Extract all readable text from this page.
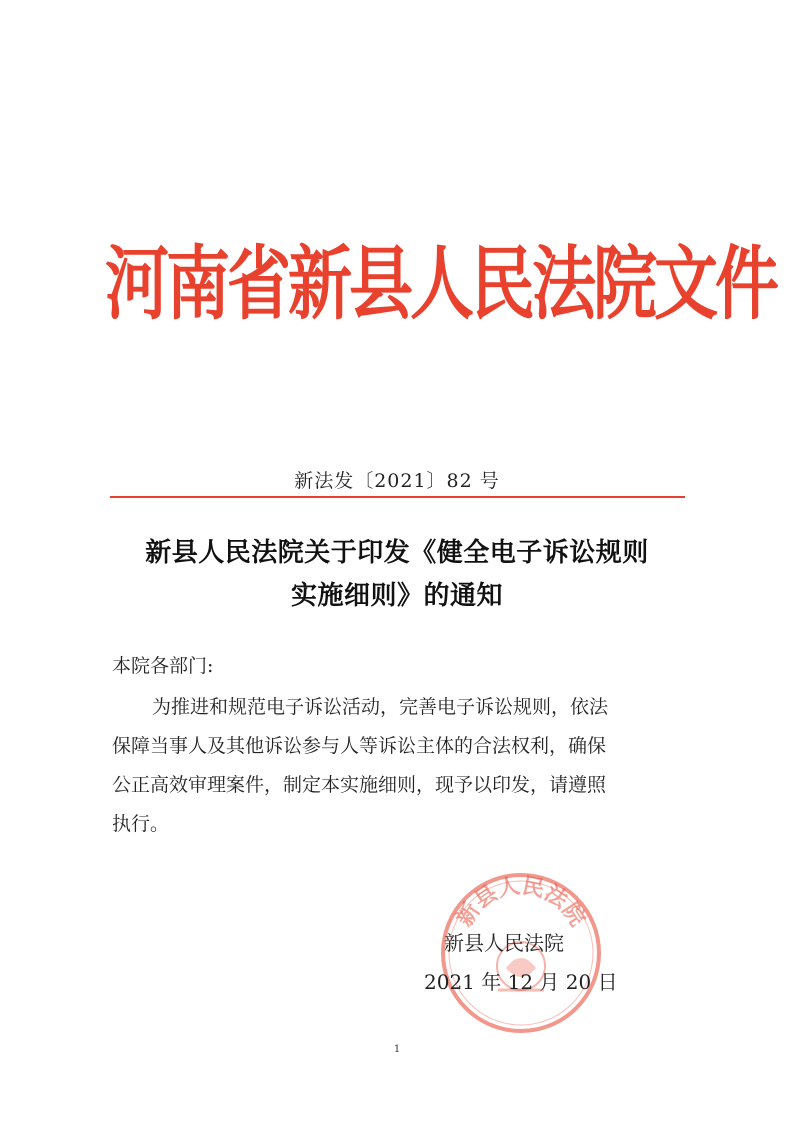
河南省新县人民法院文件
新法发〔2021〕82 号
新县人民法院关于印发《健全电子诉讼规则
实施细则》的通知
本院各部门:
为推进和规范电子诉讼活动，完善电子诉讼规则，依法
保障当事人及其他诉讼参与人等诉讼主体的合法权利，确保
公正高效审理案件，制定本实施细则，现予以印发，请遵照
执行。
新县人民法院
新县人民法院
2021 年 12 月 20 日
1
